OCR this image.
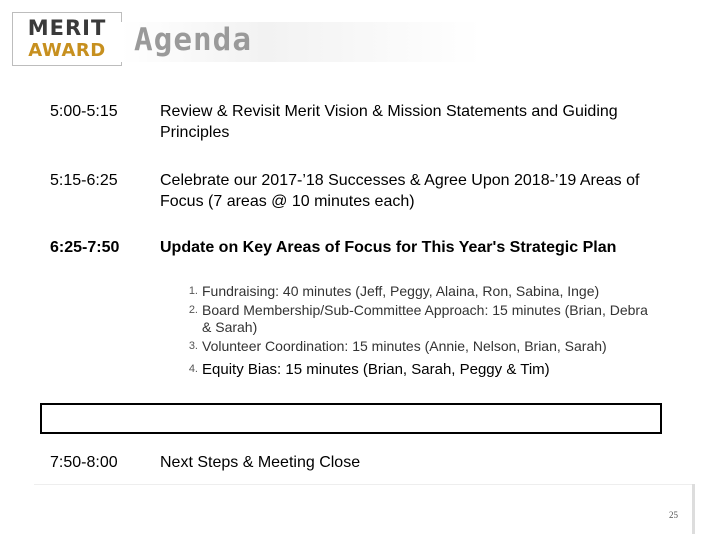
MERIT
AWARD Agenda
5:00-5:15	Review & Revisit Merit Vision & Mission Statements and Guiding Principles
5:15-6:25	Celebrate our 2017-’18 Successes & Agree Upon 2018-’19 Areas of Focus (7 areas @ 10 minutes each)
6:25-7:50	Update on Key Areas of Focus for This Year's Strategic Plan
1. Fundraising: 40 minutes (Jeff, Peggy, Alaina, Ron, Sabina, Inge)
2. Board Membership/Sub-Committee Approach: 15 minutes (Brian, Debra & Sarah)
3. Volunteer Coordination: 15 minutes (Annie, Nelson, Brian, Sarah)
4. Equity Bias: 15 minutes (Brian, Sarah, Peggy & Tim)
7:50-8:00	Next Steps & Meeting Close
25
